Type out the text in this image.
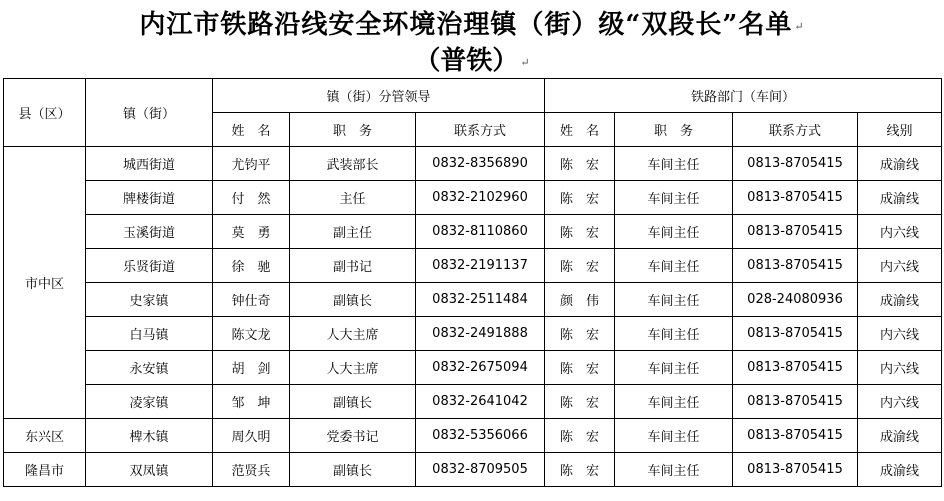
内江市铁路沿线安全环境治理镇（街）级“双段长”名单 ↵
（普铁） ↵
县（区）	镇（街）	镇（街）分管领导			铁路部门（车间）			
		姓　名	职　务	联系方式	姓　名	职　务	联系方式	线别
市中区	城西街道	尤钧平	武装部长	0832-8356890	陈　宏	车间主任	0813-8705415	成渝线
	牌楼街道	付　然	主任	0832-2102960	陈　宏	车间主任	0813-8705415	成渝线
	玉溪街道	莫　勇	副主任	0832-8110860	陈　宏	车间主任	0813-8705415	内六线
	乐贤街道	徐　驰	副书记	0832-2191137	陈　宏	车间主任	0813-8705415	内六线
	史家镇	钟仕奇	副镇长	0832-2511484	颜　伟	车间主任	028-24080936	成渝线
	白马镇	陈文龙	人大主席	0832-2491888	陈　宏	车间主任	0813-8705415	内六线
	永安镇	胡　剑	人大主席	0832-2675094	陈　宏	车间主任	0813-8705415	内六线
	凌家镇	邹　坤	副镇长	0832-2641042	陈　宏	车间主任	0813-8705415	内六线
东兴区	椑木镇	周久明	党委书记	0832-5356066	陈　宏	车间主任	0813-8705415	成渝线
隆昌市	双凤镇	范贤兵	副镇长	0832-8709505	陈　宏	车间主任	0813-8705415	成渝线
